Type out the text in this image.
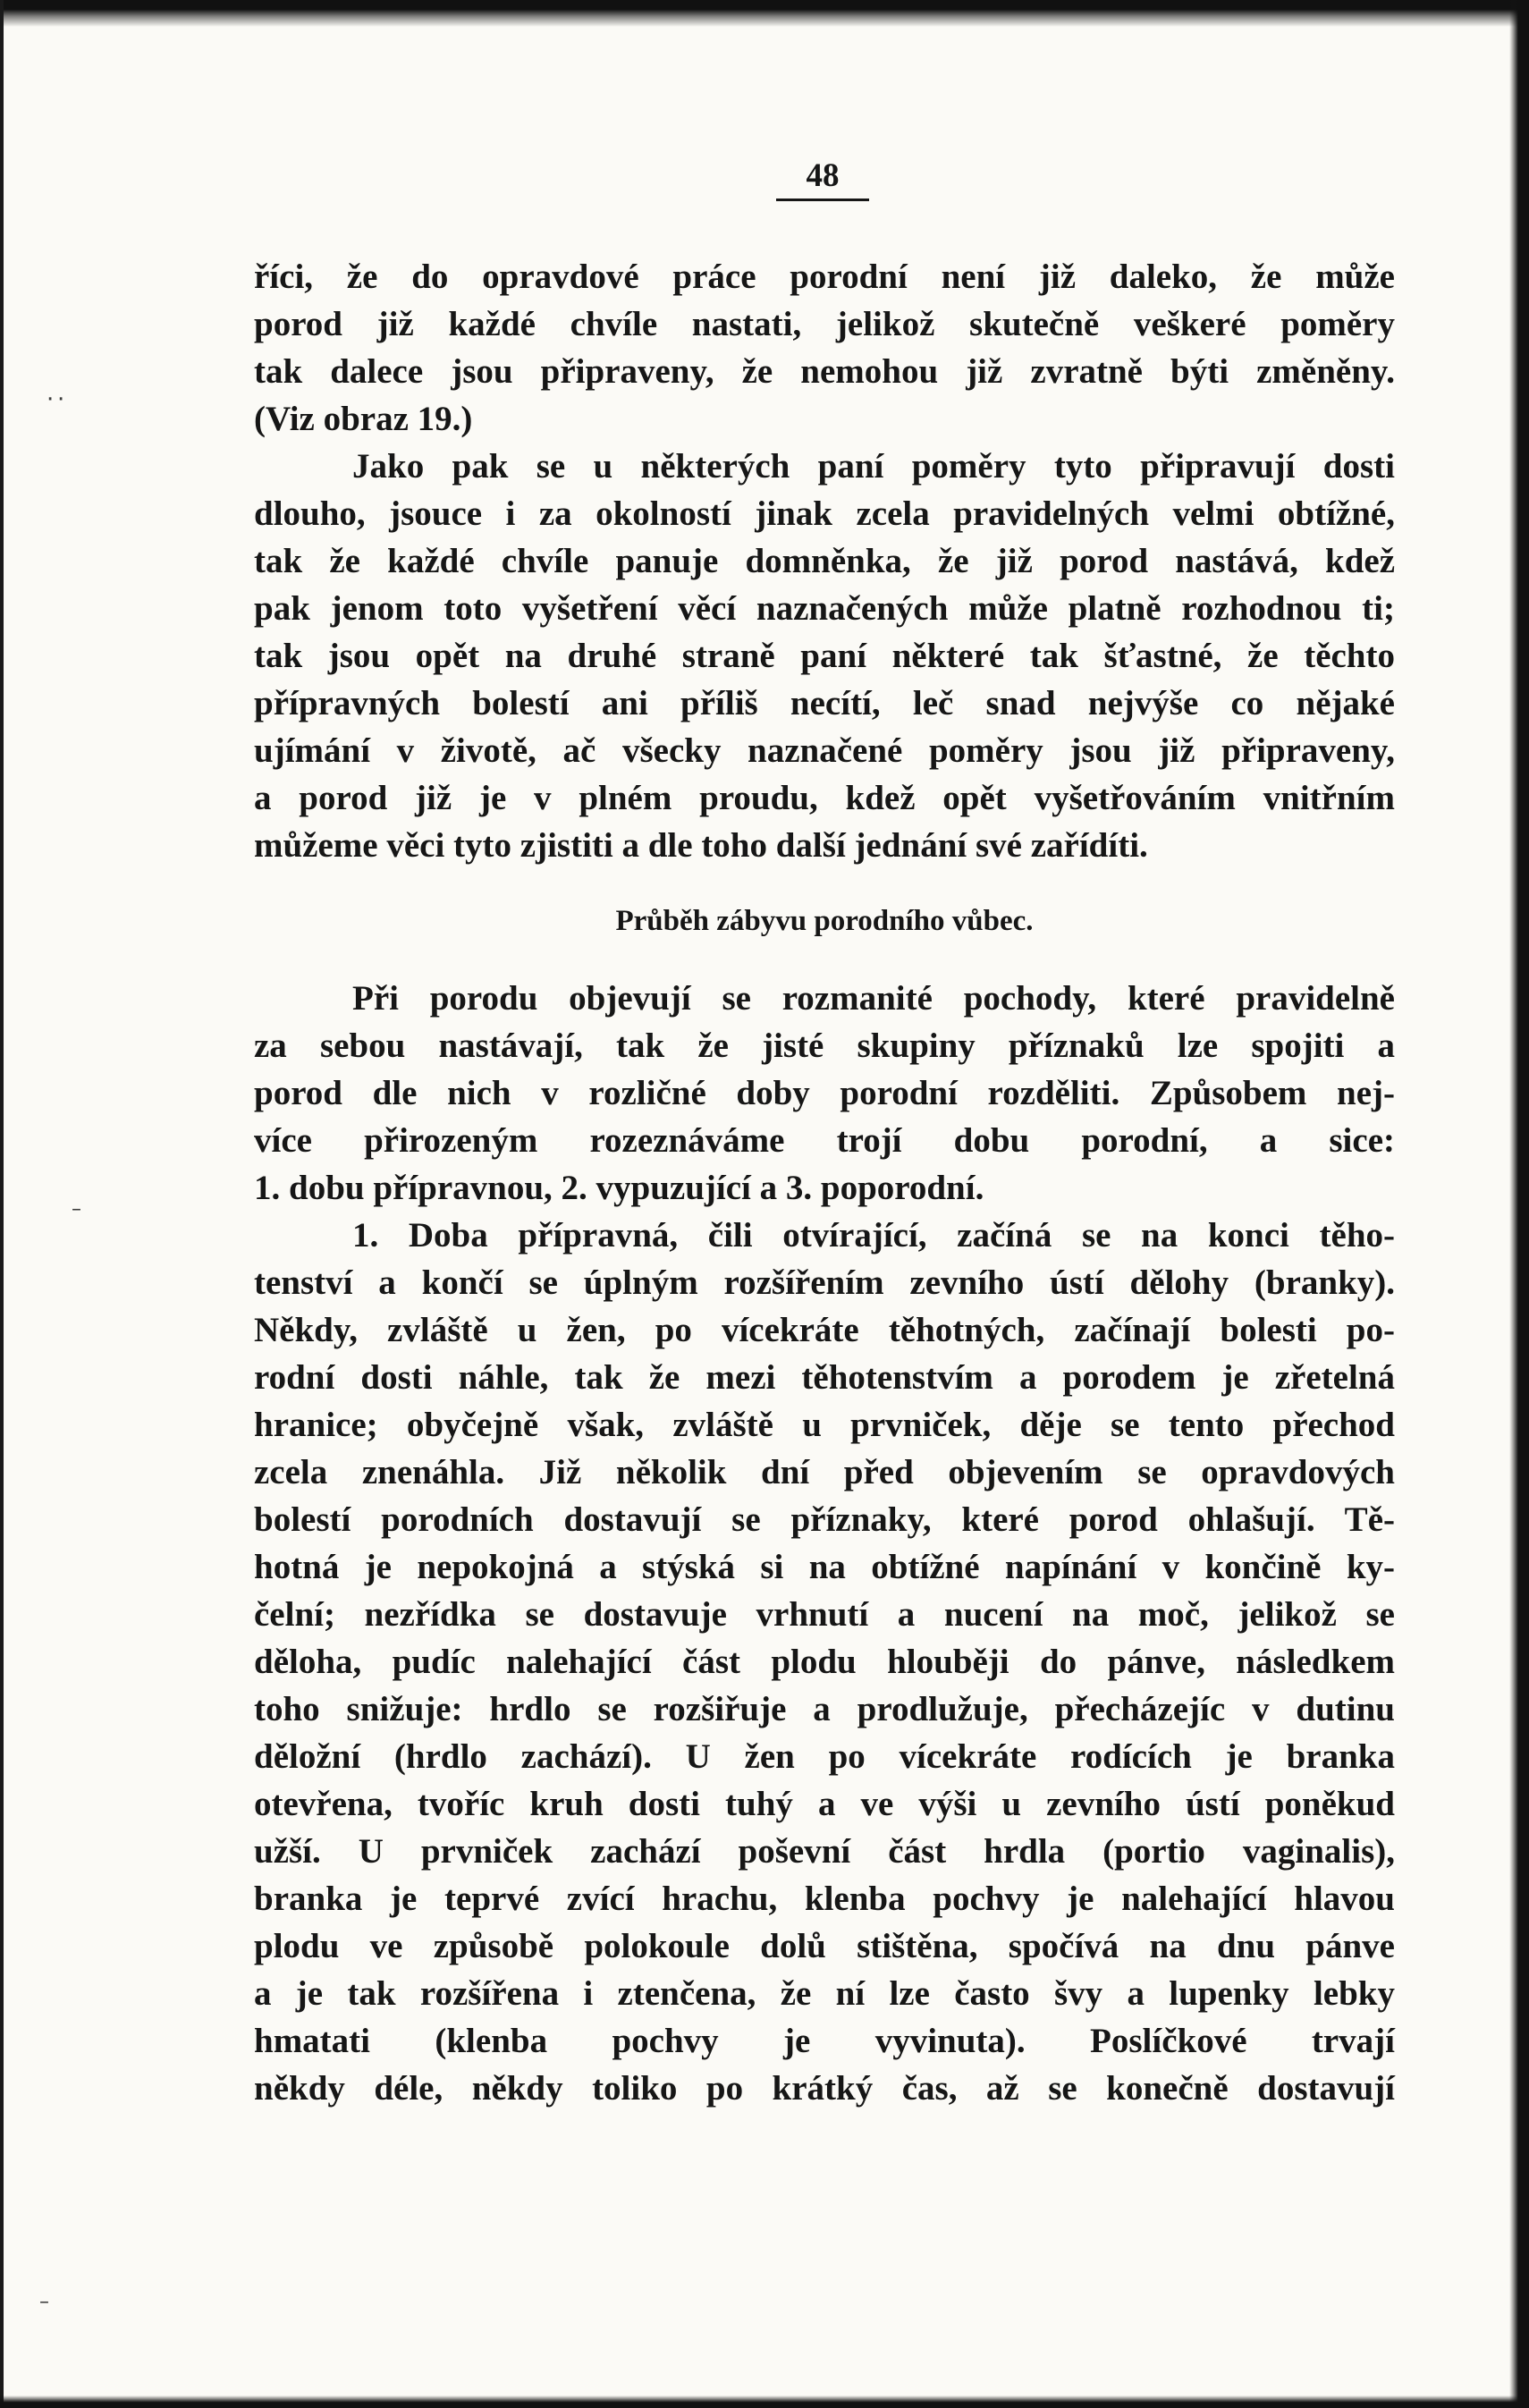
· ·
–
–
48
říci, že do opravdové práce porodní není již daleko, že může
porod již každé chvíle nastati, jelikož skutečně veškeré poměry
tak dalece jsou připraveny, že nemohou již zvratně býti změněny.
(Viz obraz 19.)
Jako pak se u některých paní poměry tyto připravují dosti
dlouho, jsouce i za okolností jinak zcela pravidelných velmi obtížné,
tak že každé chvíle panuje domněnka, že již porod nastává, kdež
pak jenom toto vyšetření věcí naznačených může platně rozhodnou ti;
tak jsou opět na druhé straně paní některé tak šťastné, že těchto
přípravných bolestí ani příliš necítí, leč snad nejvýše co nějaké
ujímání v životě, ač všecky naznačené poměry jsou již připraveny,
a porod již je v plném proudu, kdež opět vyšetřováním vnitřním
můžeme věci tyto zjistiti a dle toho další jednání své zařídíti.
Průběh zábyvu porodního vůbec.
Při porodu objevují se rozmanité pochody, které pravidelně
za sebou nastávají, tak že jisté skupiny příznaků lze spojiti a
porod dle nich v rozličné doby porodní rozděliti. Způsobem nej-
více přirozeným rozeznáváme trojí dobu porodní, a sice:
1. dobu přípravnou, 2. vypuzující a 3. poporodní.
1. Doba přípravná, čili otvírající, začíná se na konci těho-
tenství a končí se úplným rozšířením zevního ústí dělohy (branky).
Někdy, zvláště u žen, po vícekráte těhotných, začínají bolesti po-
rodní dosti náhle, tak že mezi těhotenstvím a porodem je zřetelná
hranice; obyčejně však, zvláště u prvniček, děje se tento přechod
zcela znenáhla. Již několik dní před objevením se opravdových
bolestí porodních dostavují se příznaky, které porod ohlašují. Tě-
hotná je nepokojná a stýská si na obtížné napínání v končině ky-
čelní; nezřídka se dostavuje vrhnutí a nucení na moč, jelikož se
děloha, pudíc nalehající část plodu hlouběji do pánve, následkem
toho snižuje: hrdlo se rozšiřuje a prodlužuje, přecházejíc v dutinu
děložní (hrdlo zachází). U žen po vícekráte rodících je branka
otevřena, tvoříc kruh dosti tuhý a ve výši u zevního ústí poněkud
užší. U prvniček zachází poševní část hrdla (portio vaginalis),
branka je teprvé zvící hrachu, klenba pochvy je nalehající hlavou
plodu ve způsobě polokoule dolů stištěna, spočívá na dnu pánve
a je tak rozšířena i ztenčena, že ní lze často švy a lupenky lebky
hmatati (klenba pochvy je vyvinuta). Poslíčkové trvají
někdy déle, někdy toliko po krátký čas, až se konečně dostavují
